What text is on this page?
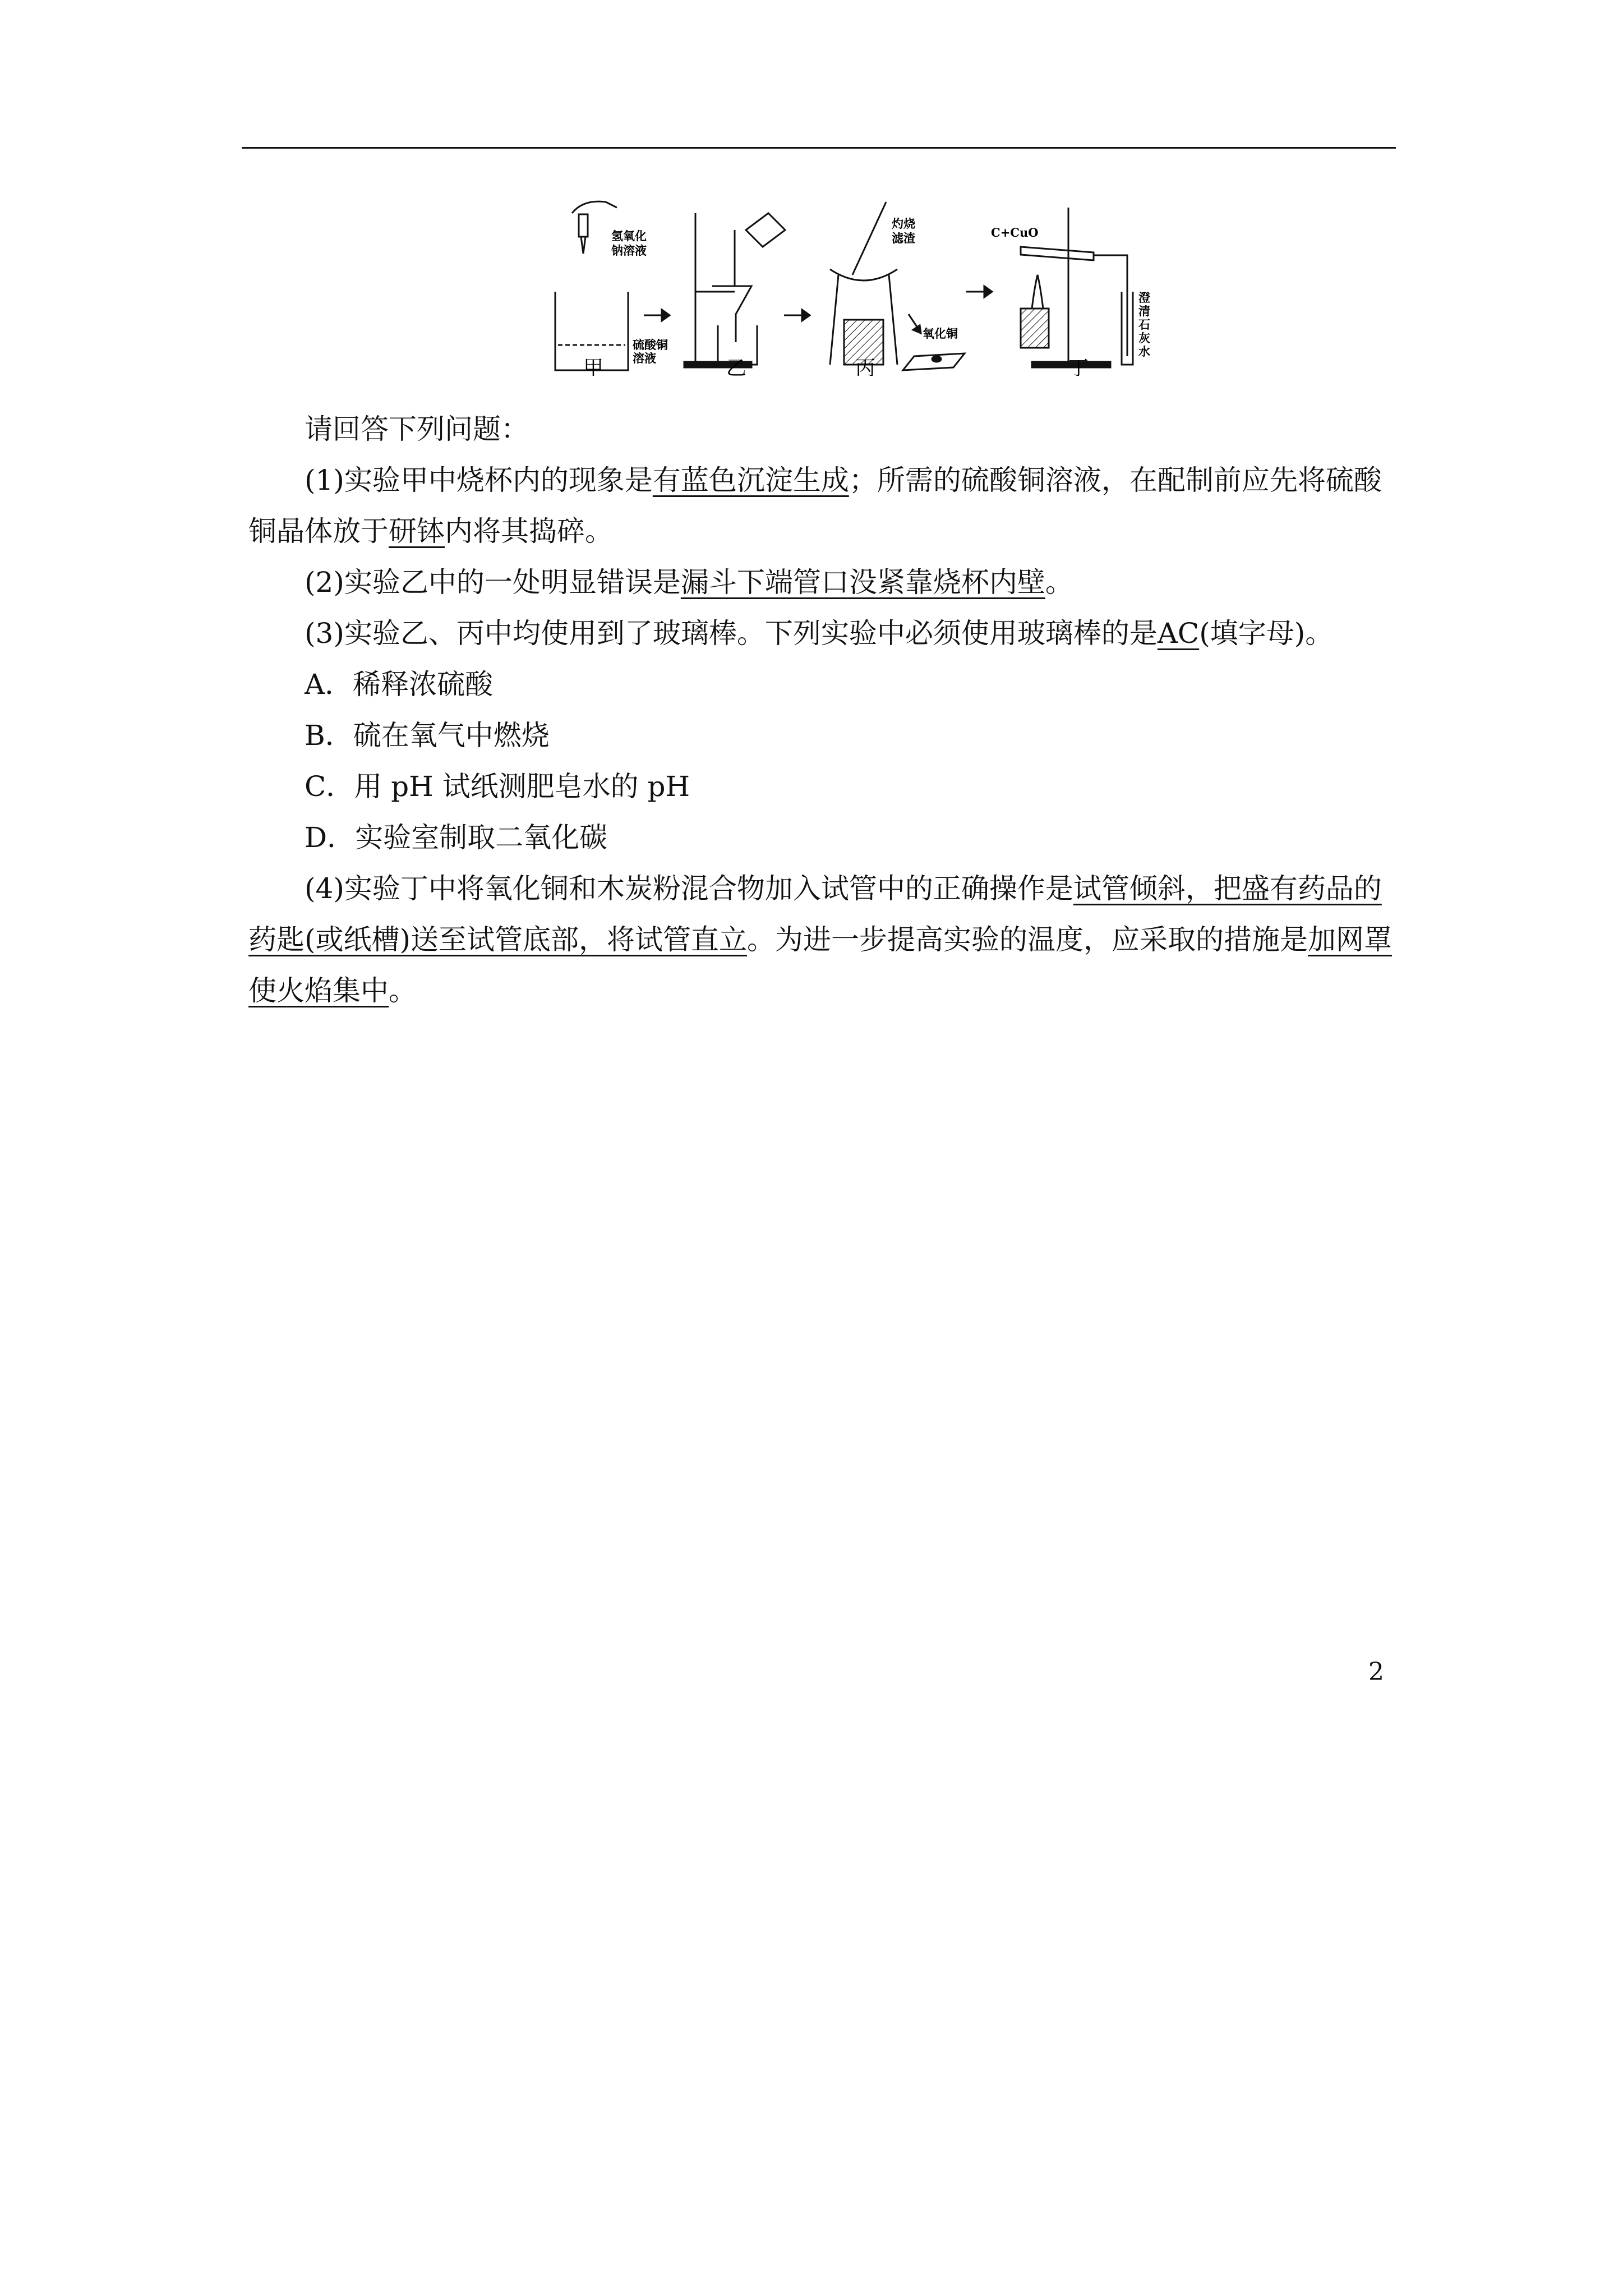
甲	乙	丙	丁
氢氧化
钠溶液
硫酸铜
溶液
灼烧
滤渣
氧化铜
C+CuO
澄
清
石
灰
水

请回答下列问题：

(1)实验甲中烧杯内的现象是有蓝色沉淀生成；所需的硫酸铜溶液，在配制前应先将硫酸铜晶体放于研钵内将其捣碎。

(2)实验乙中的一处明显错误是漏斗下端管口没紧靠烧杯内壁。

(3)实验乙、丙中均使用到了玻璃棒。下列实验中必须使用玻璃棒的是AC(填字母)。

A．稀释浓硫酸

B．硫在氧气中燃烧

C．用 pH 试纸测肥皂水的 pH

D．实验室制取二氧化碳

(4)实验丁中将氧化铜和木炭粉混合物加入试管中的正确操作是试管倾斜，把盛有药品的药匙(或纸槽)送至试管底部，将试管直立。为进一步提高实验的温度，应采取的措施是加网罩使火焰集中。

2
